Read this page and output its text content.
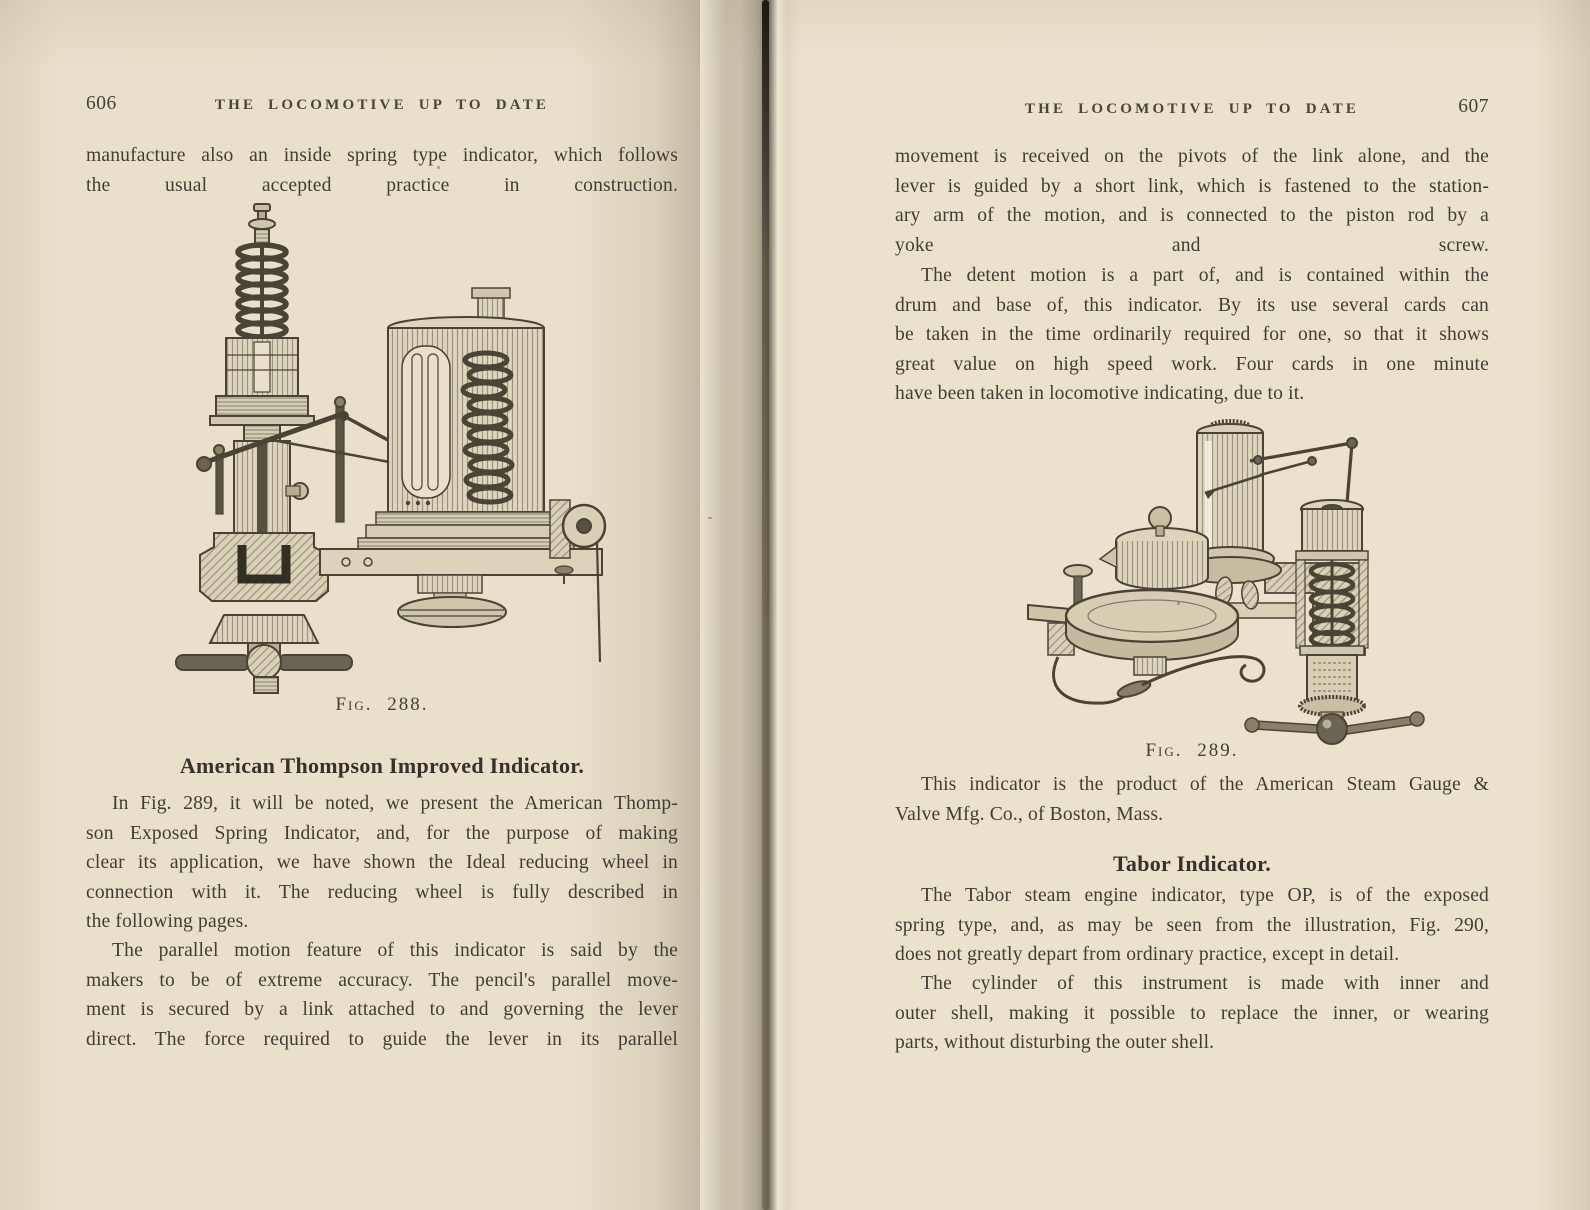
606	THE LOCOMOTIVE UP TO DATE
manufacture also an inside spring type indicator, which follows
the usual accepted practice in construction.
Fig. 288.
American Thompson Improved Indicator.
In Fig. 289, it will be noted, we present the American Thomp-
son Exposed Spring Indicator, and, for the purpose of making
clear its application, we have shown the Ideal reducing wheel in
connection with it. The reducing wheel is fully described in
the following pages.
The parallel motion feature of this indicator is said by the
makers to be of extreme accuracy. The pencil's parallel move-
ment is secured by a link attached to and governing the lever
direct. The force required to guide the lever in its parallel
THE LOCOMOTIVE UP TO DATE	607
movement is received on the pivots of the link alone, and the
lever is guided by a short link, which is fastened to the station-
ary arm of the motion, and is connected to the piston rod by a
yoke and screw.
The detent motion is a part of, and is contained within the
drum and base of, this indicator. By its use several cards can
be taken in the time ordinarily required for one, so that it shows
great value on high speed work. Four cards in one minute
have been taken in locomotive indicating, due to it.
Fig. 289.
This indicator is the product of the American Steam Gauge &
Valve Mfg. Co., of Boston, Mass.
Tabor Indicator.
The Tabor steam engine indicator, type OP, is of the exposed
spring type, and, as may be seen from the illustration, Fig. 290,
does not greatly depart from ordinary practice, except in detail.
The cylinder of this instrument is made with inner and
outer shell, making it possible to replace the inner, or wearing
parts, without disturbing the outer shell.
